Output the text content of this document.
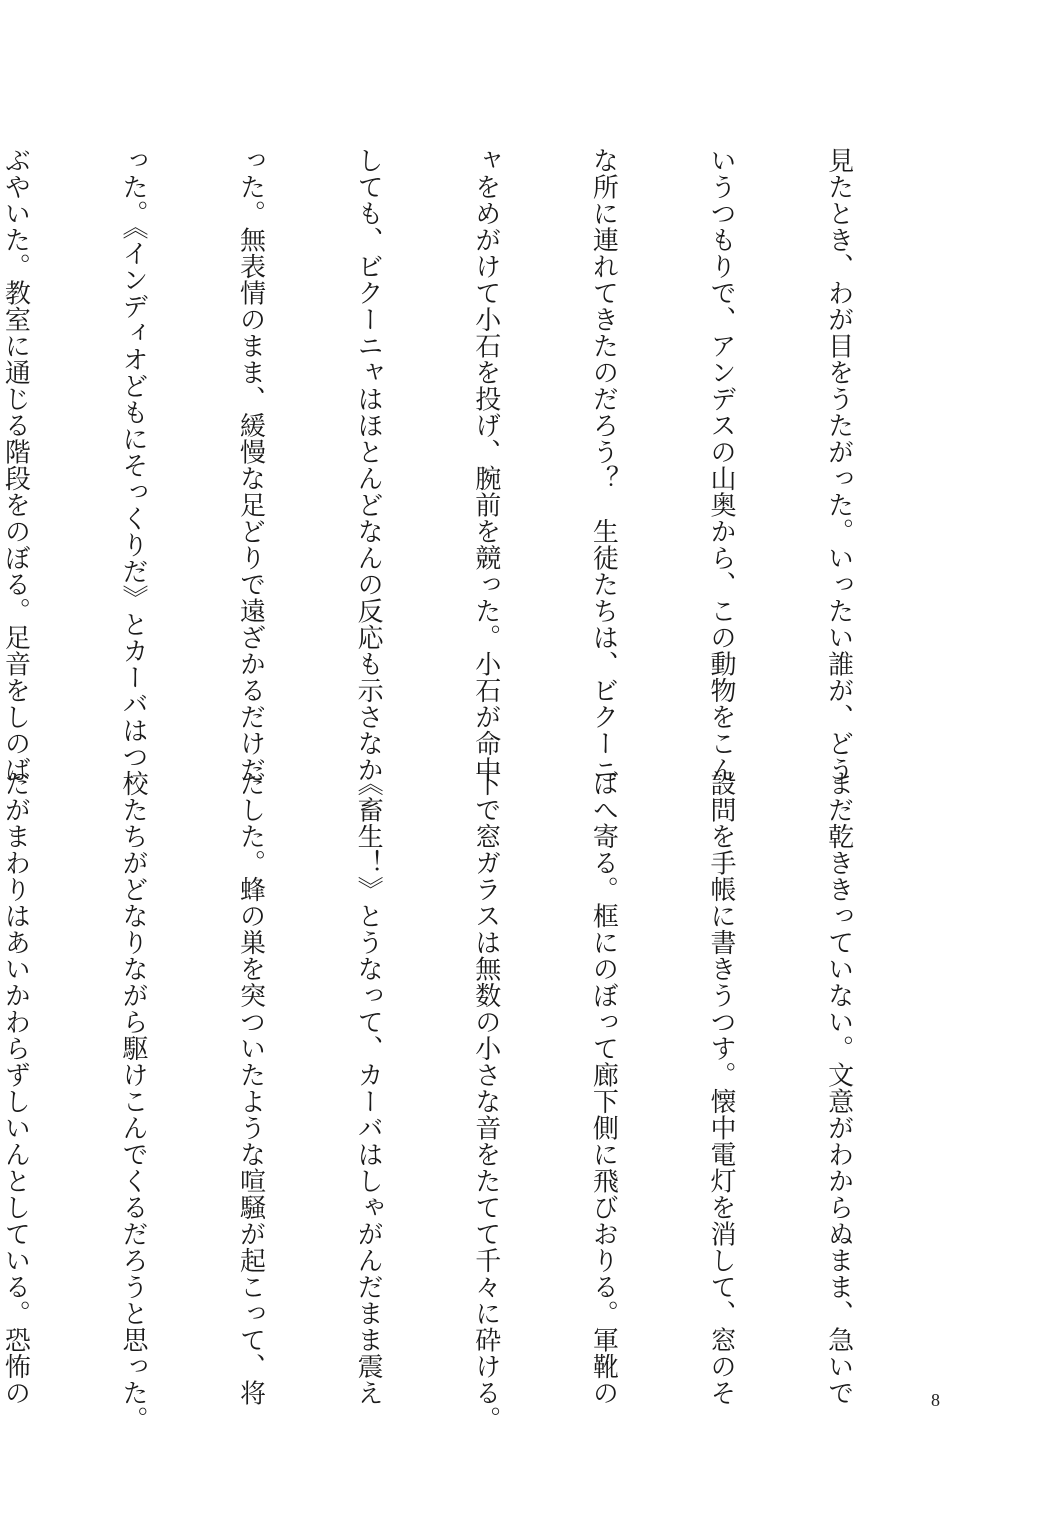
見たとき、わが目をうたがった。いったい誰が、どう

いうつもりで、アンデスの山奥から、この動物をこん

な所に連れてきたのだろう？　生徒たちは、ビクーニ

ャをめがけて小石を投げ、腕前を競った。小石が命中

しても、ビクーニャはほとんどなんの反応も示さなか

った。無表情のまま、緩慢な足どりで遠ざかるだけだ

った。《インディオどもにそっくりだ》とカーバはつ

ぶやいた。教室に通じる階段をのぼる。足音をしのば

まだ乾ききっていない。文意がわからぬまま、急いで

設問を手帳に書きうつす。懐中電灯を消して、窓のそ

ばへ寄る。框にのぼって廊下側に飛びおりる。軍靴の

下で窓ガラスは無数の小さな音をたてて千々に砕ける。

《畜生！》とうなって、カーバはしゃがんだまま震え

だした。蜂の巣を突ついたような喧騒が起こって、将

校たちがどなりながら駆けこんでくるだろうと思った。

だがまわりはあいかわらずしいんとしている。恐怖の

	8
